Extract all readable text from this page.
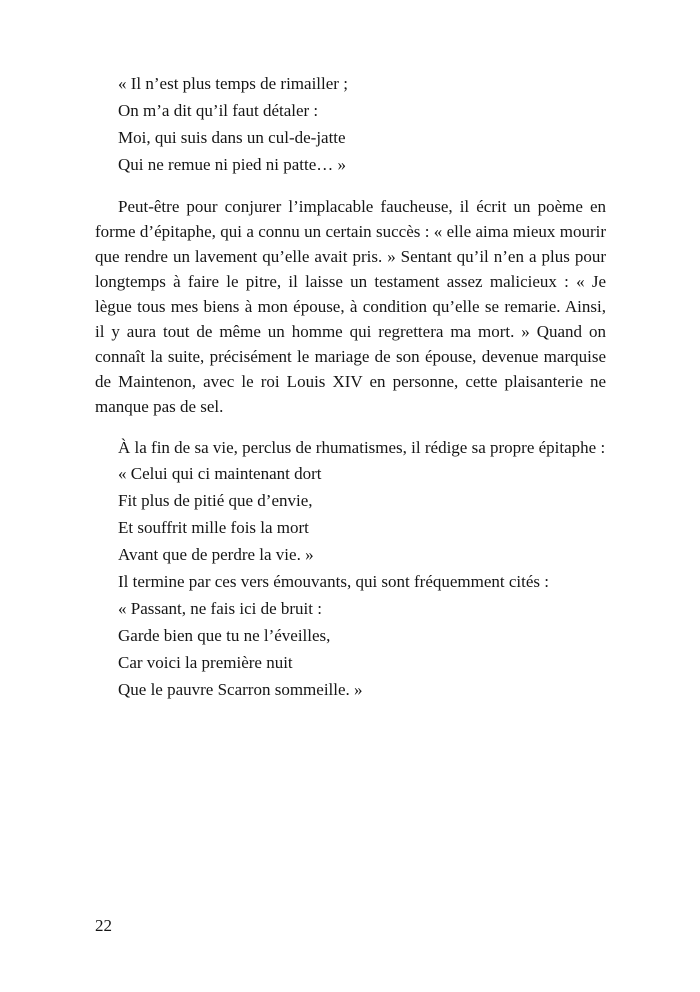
« Il n’est plus temps de rimailler ;

On m’a dit qu’il faut détaler :

Moi, qui suis dans un cul-de-jatte

Qui ne remue ni pied ni patte… »

Peut-être pour conjurer l’implacable faucheuse, il écrit un poème en forme d’épitaphe, qui a connu un certain succès : « elle aima mieux mourir que rendre un lavement qu’elle avait pris. » Sentant qu’il n’en a plus pour longtemps à faire le pitre, il laisse un testament assez malicieux : « Je lègue tous mes biens à mon épouse, à condition qu’elle se remarie. Ainsi, il y aura tout de même un homme qui regrettera ma mort. » Quand on connaît la suite, précisément le mariage de son épouse, devenue marquise de Maintenon, avec le roi Louis XIV en personne, cette plaisanterie ne manque pas de sel.

À la fin de sa vie, perclus de rhumatismes, il rédige sa propre épitaphe :

« Celui qui ci maintenant dort

Fit plus de pitié que d’envie,

Et souffrit mille fois la mort

Avant que de perdre la vie. »

Il termine par ces vers émouvants, qui sont fréquemment cités :

« Passant, ne fais ici de bruit :

Garde bien que tu ne l’éveilles,

Car voici la première nuit

Que le pauvre Scarron sommeille. »

22
